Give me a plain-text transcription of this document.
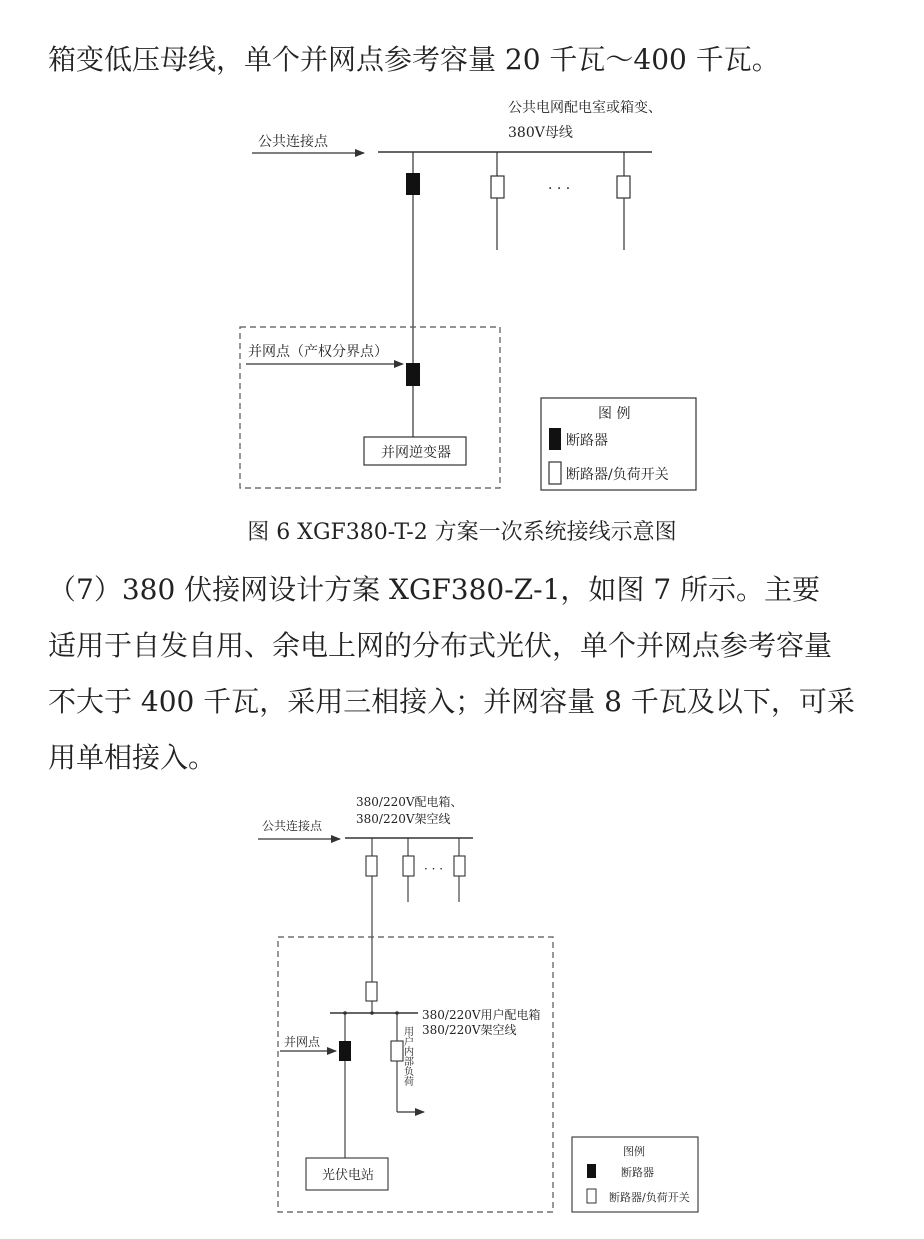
箱变低压母线，单个并网点参考容量 20 千瓦～400 千瓦。
公共电网配电室或箱变、
380V母线
公共连接点
· · ·
并网点（产权分界点）
并网逆变器
图 例
断路器
断路器/负荷开关
380/220V配电箱、
380/220V架空线
公共连接点
· · ·
380/220V用户配电箱
380/220V架空线
并网点	用户内部负荷
光伏电站
图例
断路器
断路器/负荷开关
图 6 XGF380-T-2 方案一次系统接线示意图
（7）380 伏接网设计方案 XGF380-Z-1，如图 7 所示。主要
适用于自发自用、余电上网的分布式光伏，单个并网点参考容量
不大于 400 千瓦，采用三相接入；并网容量 8 千瓦及以下，可采
用单相接入。
